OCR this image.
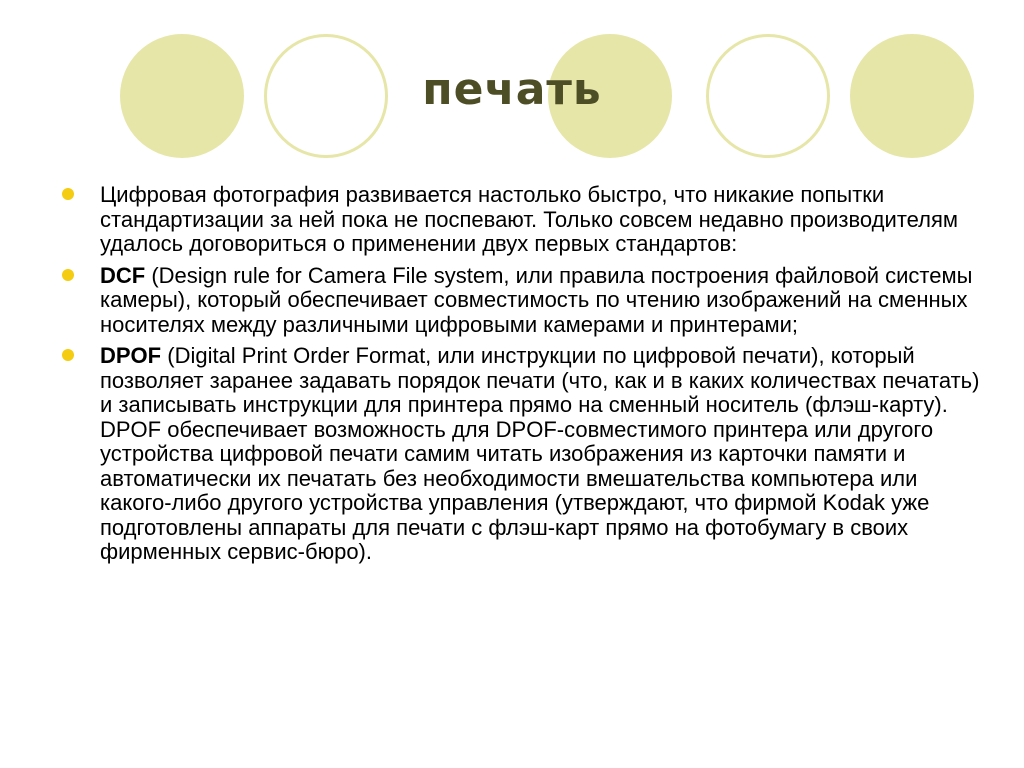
печать
Цифровая фотография развивается настолько быстро, что никакие попытки стандартизации за ней пока не поспевают. Только совсем недавно производителям удалось договориться о применении двух первых стандартов:
DCF (Design rule for Camera File system, или правила построения файловой системы камеры), который обеспечивает совместимость по чтению изображений на сменных носителях между различными цифровыми камерами и принтерами;
DPOF (Digital Print Order Format, или инструкции по цифровой печати), который позволяет заранее задавать порядок печати (что, как и в каких количествах печатать) и записывать инструкции для принтера прямо на сменный носитель (флэш-карту). DPOF обеспечивает возможность для DPOF-совместимого принтера или другого устройства цифровой печати самим читать изображения из карточки памяти и автоматически их печатать без необходимости вмешательства компьютера или какого-либо другого устройства управления (утверждают, что фирмой Kodak уже подготовлены аппараты для печати с флэш-карт прямо на фотобумагу в своих фирменных сервис-бюро).
